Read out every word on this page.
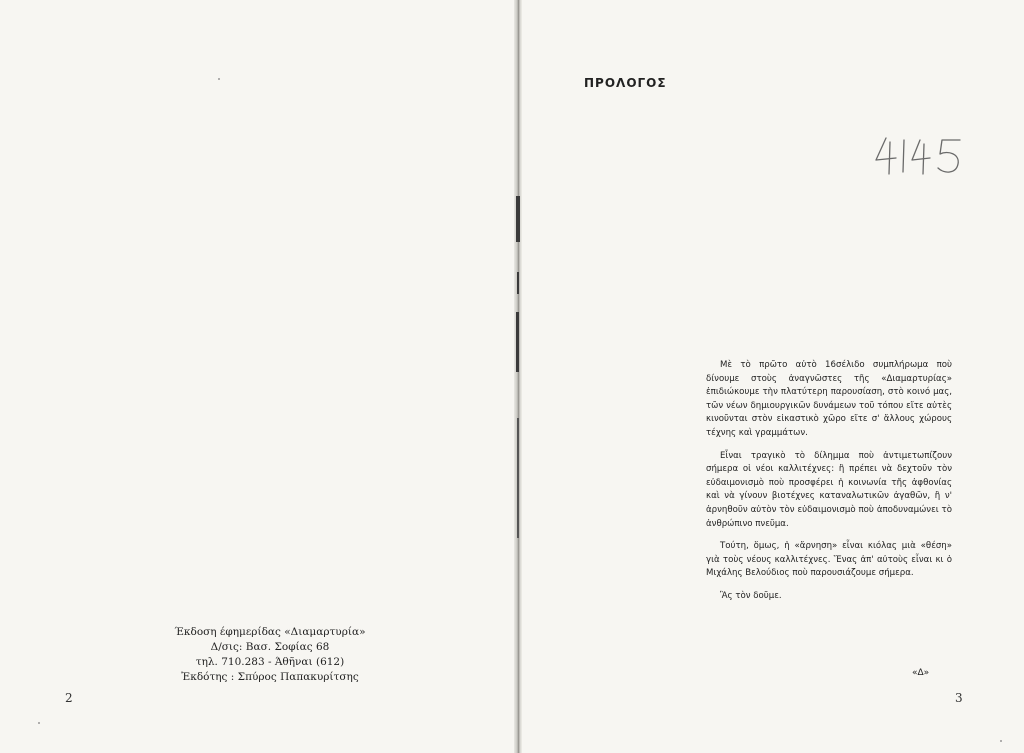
Έκδοση έφημερίδας «Διαμαρτυρία»
Δ/σις: Βασ. Σοφίας 68
τηλ. 710.283 - Άθῆναι (612)
Ἐκδότης : Σπύρος Παπακυρίτσης
2
ΠΡΟΛΟΓΟΣ

Μὲ τὸ πρῶτο αὐτὸ 16σέλιδο συμπλήρωμα ποὺ δίνουμε στοὺς ἀναγνῶστες τῆς «Διαμαρτυρίας» ἐπιδιώκουμε τὴν πλατύτερη παρουσίαση, στὸ κοινό μας, τῶν νέων δημιουργικῶν δυνάμεων τοῦ τόπου εἴτε αὐτὲς κινοῦνται στὸν εἰκαστικὸ χῶρο εἴτε σ' ἄλλους χώρους τέχνης καὶ γραμμάτων.

Εἶναι τραγικὸ τὸ δίλημμα ποὺ ἀντιμετωπίζουν σήμερα οἱ νέοι καλλιτέχνες: ἢ πρέπει νὰ δεχτοῦν τὸν εὐδαιμονισμὸ ποὺ προσφέρει ἡ κοινωνία τῆς ἀφθονίας καὶ νὰ γίνουν βιοτέχνες καταναλωτικῶν ἀγαθῶν, ἢ ν' ἀρνηθοῦν αὐτὸν τὸν εὐδαιμονισμὸ ποὺ ἀποδυναμώνει τὸ ἀνθρώπινο πνεῦμα.

Τούτη, ὅμως, ἡ «ἄρνηση» εἶναι κιόλας μιὰ «θέση» γιὰ τοὺς νέους καλλιτέχνες. Ἕνας ἀπ' αὐτοὺς εἶναι κι ὁ Μιχάλης Βελούδιος ποὺ παρουσιάζουμε σήμερα.

Ἂς τὸν δοῦμε.

«Δ»
3
